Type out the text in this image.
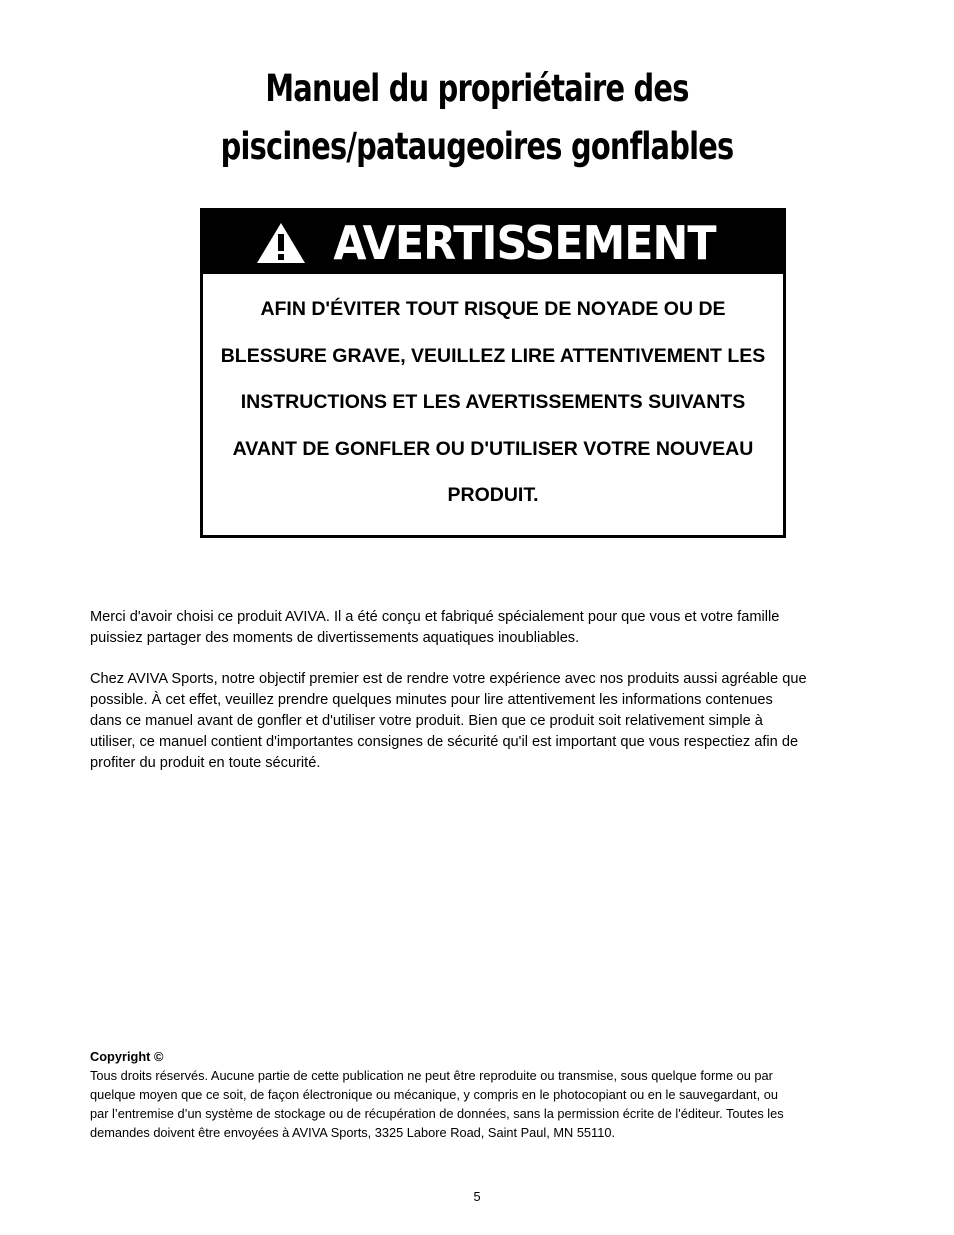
Manuel du propriétaire des
piscines/pataugeoires gonflables
AVERTISSEMENT
AFIN D'ÉVITER TOUT RISQUE DE NOYADE OU DE
BLESSURE GRAVE, VEUILLEZ LIRE ATTENTIVEMENT LES
INSTRUCTIONS ET LES AVERTISSEMENTS SUIVANTS
AVANT DE GONFLER OU D'UTILISER VOTRE NOUVEAU
PRODUIT.
Merci d'avoir choisi ce produit AVIVA. Il a été conçu et fabriqué spécialement pour que vous et votre famille
puissiez partager des moments de divertissements aquatiques inoubliables.
Chez AVIVA Sports, notre objectif premier est de rendre votre expérience avec nos produits aussi agréable que
possible. À cet effet, veuillez prendre quelques minutes pour lire attentivement les informations contenues
dans ce manuel avant de gonfler et d'utiliser votre produit. Bien que ce produit soit relativement simple à
utiliser, ce manuel contient d'importantes consignes de sécurité qu'il est important que vous respectiez afin de
profiter du produit en toute sécurité.
Copyright ©
Tous droits réservés. Aucune partie de cette publication ne peut être reproduite ou transmise, sous quelque forme ou par
quelque moyen que ce soit, de façon électronique ou mécanique, y compris en le photocopiant ou en le sauvegardant, ou
par l’entremise d’un système de stockage ou de récupération de données, sans la permission écrite de l'éditeur. Toutes les
demandes doivent être envoyées à AVIVA Sports, 3325 Labore Road, Saint Paul, MN 55110.
5
